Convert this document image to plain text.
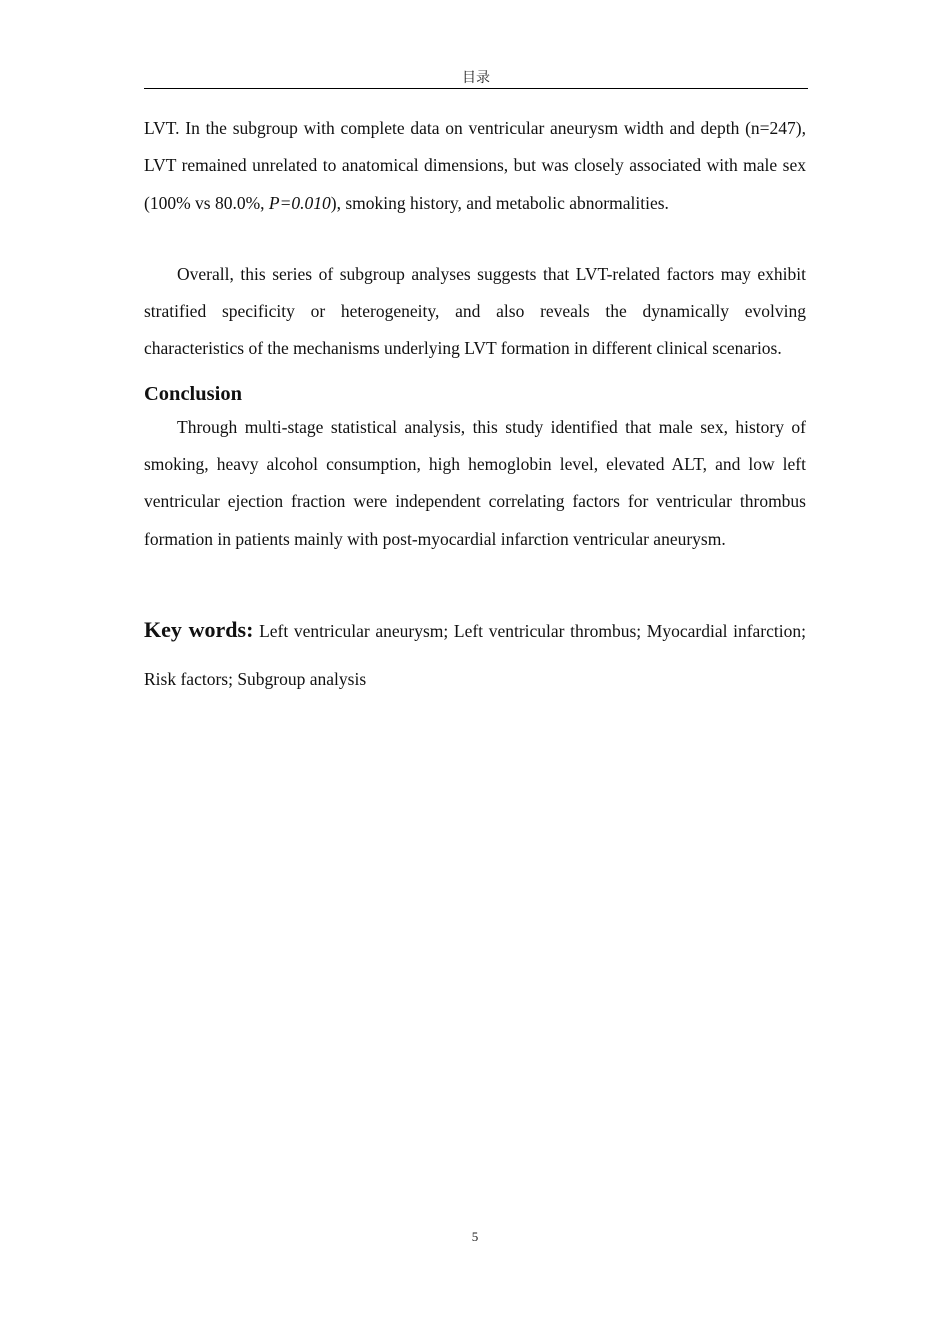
目录

LVT. In the subgroup with complete data on ventricular aneurysm width and depth (n=247), LVT remained unrelated to anatomical dimensions, but was closely associated with male sex (100% vs 80.0%, P=0.010), smoking history, and metabolic abnormalities.

Overall, this series of subgroup analyses suggests that LVT-related factors may exhibit stratified specificity or heterogeneity, and also reveals the dynamically evolving characteristics of the mechanisms underlying LVT formation in different clinical scenarios.

Conclusion

Through multi-stage statistical analysis, this study identified that male sex, history of smoking, heavy alcohol consumption, high hemoglobin level, elevated ALT, and low left ventricular ejection fraction were independent correlating factors for ventricular thrombus formation in patients mainly with post-myocardial infarction ventricular aneurysm.

Key words: Left ventricular aneurysm; Left ventricular thrombus; Myocardial infarction; Risk factors; Subgroup analysis

5
